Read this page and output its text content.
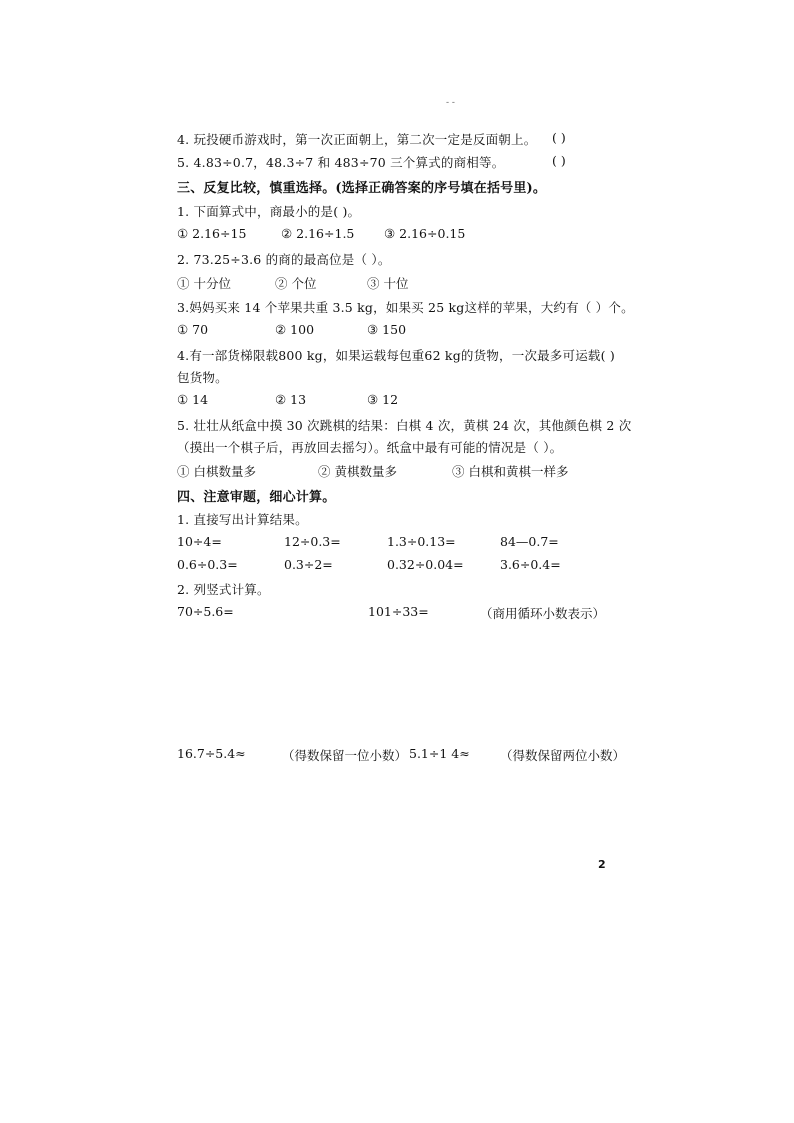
- -
4. 玩投硬币游戏时，第一次正面朝上，第二次一定是反面朝上。 ( )
5. 4.83÷0.7，48.3÷7 和 483÷70 三个算式的商相等。	( )
三、反复比较，慎重选择。(选择正确答案的序号填在括号里)。
1. 下面算式中，商最小的是( )。
① 2.16÷15	② 2.16÷1.5 ③ 2.16÷0.15
2. 73.25÷3.6 的商的最高位是（ ）。
① 十分位	② 个位	③ 十位
3.妈妈买来 14 个苹果共重 3.5 kg，如果买 25 kg这样的苹果，大约有（ ）个。
① 70	② 100	③ 150
4.有一部货梯限载800 kg，如果运载每包重62 kg的货物，一次最多可运载( )
包货物。
① 14	② 13	③ 12
5. 壮壮从纸盒中摸 30 次跳棋的结果：白棋 4 次，黄棋 24 次，其他颜色棋 2 次
（摸出一个棋子后，再放回去摇匀）。纸盒中最有可能的情况是（ ）。
① 白棋数量多	② 黄棋数量多	③ 白棋和黄棋一样多
四、注意审题，细心计算。
1. 直接写出计算结果。
10÷4=	12÷0.3=	1.3÷0.13=	84—0.7=
0.6÷0.3=	0.3÷2=	0.32÷0.04=	3.6÷0.4=
2. 列竖式计算。
70÷5.6=	101÷33=	（商用循环小数表示）
16.7÷5.4≈	（得数保留一位小数） 5.1÷1 4≈ （得数保留两位小数）
2
